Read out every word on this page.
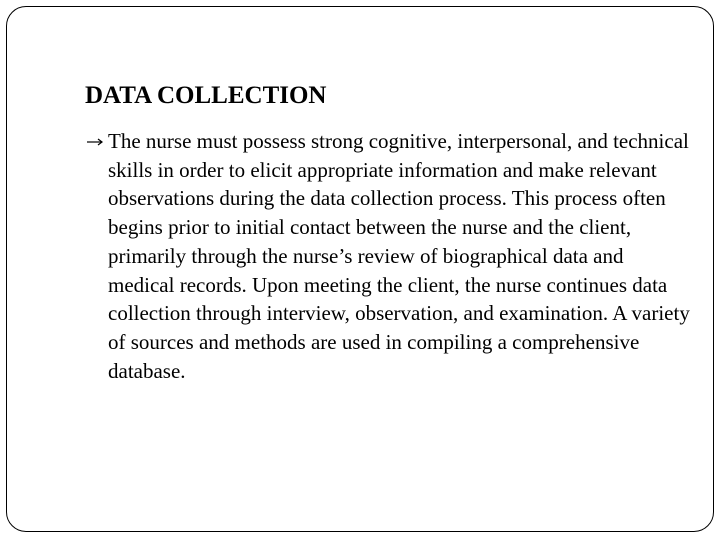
DATA COLLECTION
The nurse must possess strong cognitive, interpersonal, and technical skills in order to elicit appropriate information and make relevant observations during the data collection process. This process often begins prior to initial contact between the nurse and the client, primarily through the nurse’s review of biographical data and medical records. Upon meeting the client, the nurse continues data collection through interview, observation, and examination. A variety of sources and methods are used in compiling a comprehensive database.
